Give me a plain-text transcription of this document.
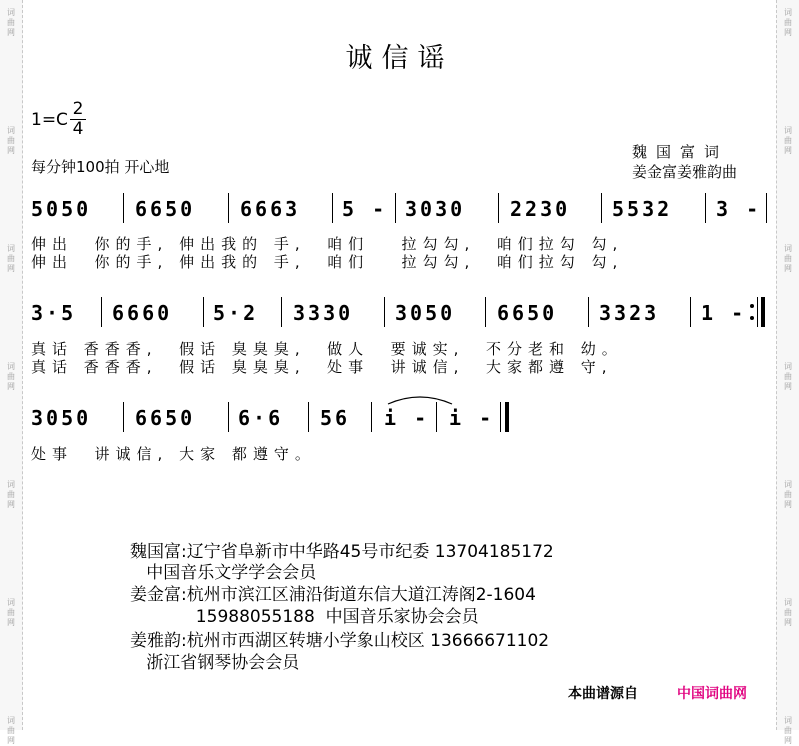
词
曲
网
词
曲
网
词
曲
网
词
曲
网
词
曲
网
词
曲
网
词
曲
网
词
曲
网
词
曲
网
词
曲
网
词
曲
网
词
曲
网
词
曲
网
词
曲
网
诚信谣
1=C
2
4
每分钟100拍 开心地
魏国富词
姜金富姜雅韵曲
5050 6650 6663 5 - 3030 2230 5532 3 -
伸出  你的手, 伸出我的 手,  咱们   拉勾勾,  咱们拉勾 勾,
伸出  你的手, 伸出我的 手,  咱们   拉勾勾,  咱们拉勾 勾,
3·5 6660 5·2 3330 3050 6650 3323 1 -
真话 香香香,  假话 臭臭臭,  做人  要诚实,  不分老和 幼。
真话 香香香,  假话 臭臭臭,  处事  讲诚信,  大家都遵 守,
3050 6650 6·6 56 i - i -
处事  讲诚信, 大家 都遵守。
魏国富:辽宁省阜新市中华路45号市纪委 13704185172
中国音乐文学学会会员
姜金富:杭州市滨江区浦沿街道东信大道江涛阁2-1604
15988055188  中国音乐家协会会员
姜雅韵:杭州市西湖区转塘小学象山校区 13666671102
浙江省钢琴协会会员
本曲谱源自	中国词曲网
